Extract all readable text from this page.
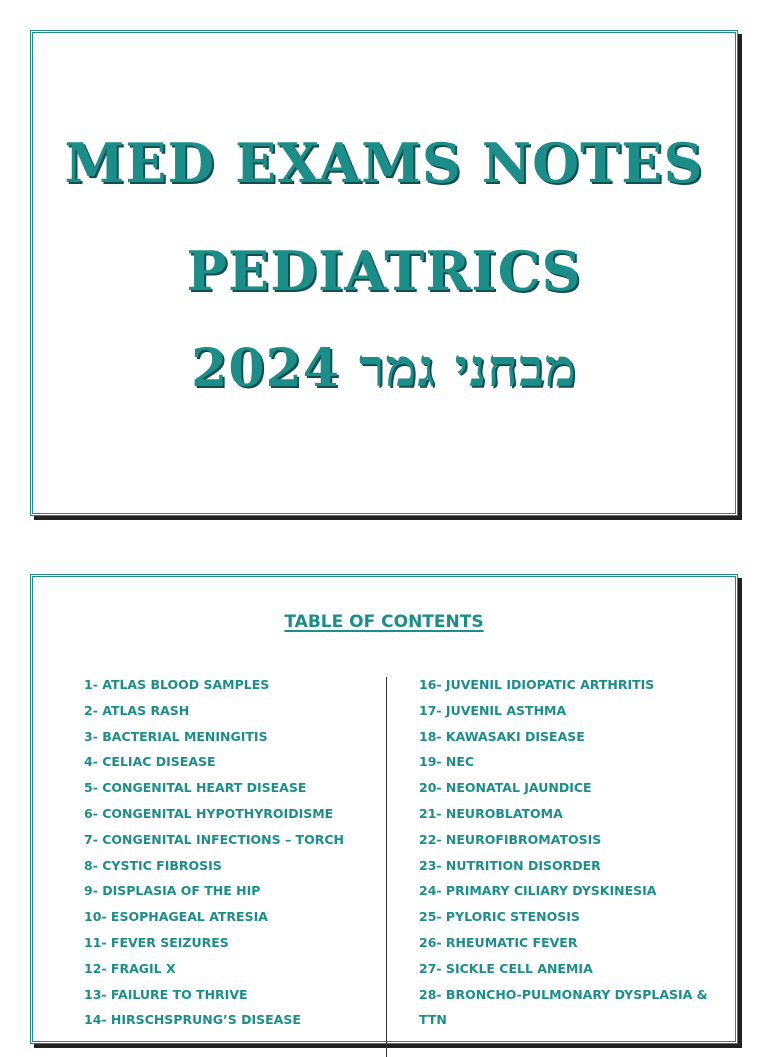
MED EXAMS NOTES
PEDIATRICS
2024 מבחני גמר
TABLE OF CONTENTS
1- ATLAS BLOOD SAMPLES
2- ATLAS RASH
3- BACTERIAL MENINGITIS
4- CELIAC DISEASE
5- CONGENITAL HEART DISEASE
6- CONGENITAL HYPOTHYROIDISME
7- CONGENITAL INFECTIONS – TORCH
8- CYSTIC FIBROSIS
9- DISPLASIA OF THE HIP
10- ESOPHAGEAL ATRESIA
11- FEVER SEIZURES
12- FRAGIL X
13- FAILURE TO THRIVE
14- HIRSCHSPRUNG’S DISEASE
16- JUVENIL IDIOPATIC ARTHRITIS
17- JUVENIL ASTHMA
18- KAWASAKI DISEASE
19- NEC
20- NEONATAL JAUNDICE
21- NEUROBLATOMA
22- NEUROFIBROMATOSIS
23- NUTRITION DISORDER
24- PRIMARY CILIARY DYSKINESIA
25- PYLORIC STENOSIS
26- RHEUMATIC FEVER
27- SICKLE CELL ANEMIA
28- BRONCHO-PULMONARY DYSPLASIA & TTN
